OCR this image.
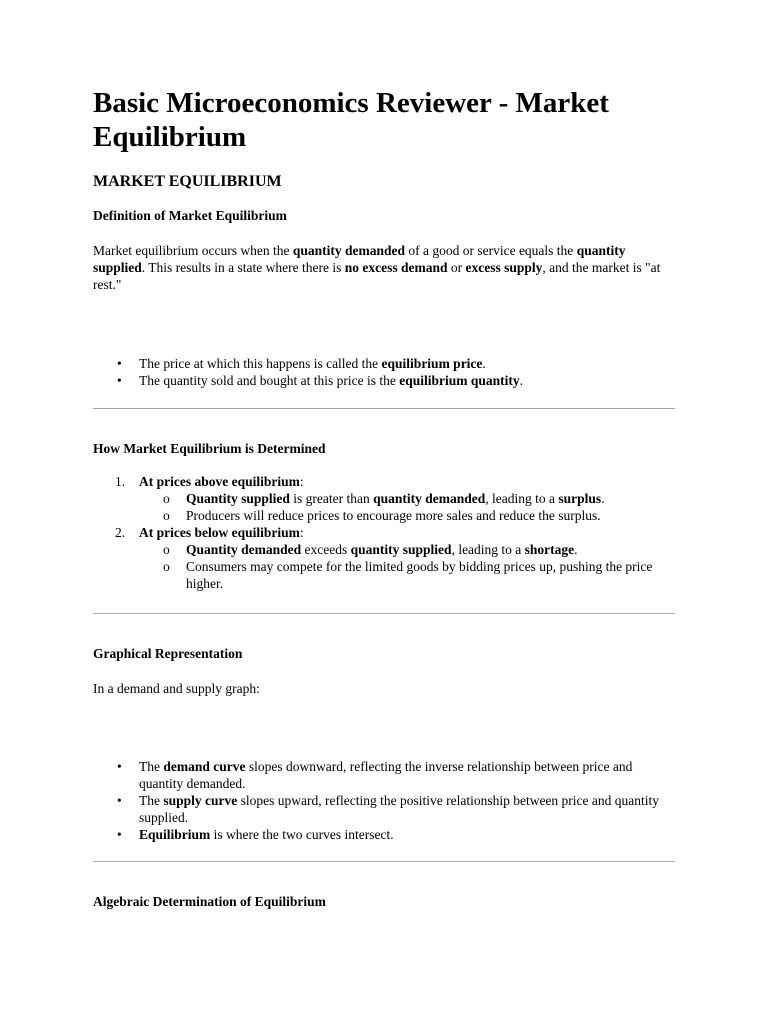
Basic Microeconomics Reviewer - Market Equilibrium
MARKET EQUILIBRIUM
Definition of Market Equilibrium

Market equilibrium occurs when the quantity demanded of a good or service equals the quantity supplied. This results in a state where there is no excess demand or excess supply, and the market is "at rest."

• The price at which this happens is called the equilibrium price.
• The quantity sold and bought at this price is the equilibrium quantity.
How Market Equilibrium is Determined
1. At prices above equilibrium:
o Quantity supplied is greater than quantity demanded, leading to a surplus.
o Producers will reduce prices to encourage more sales and reduce the surplus.
2. At prices below equilibrium:
o Quantity demanded exceeds quantity supplied, leading to a shortage.
o Consumers may compete for the limited goods by bidding prices up, pushing the price higher.
Graphical Representation

In a demand and supply graph:

• The demand curve slopes downward, reflecting the inverse relationship between price and quantity demanded.
• The supply curve slopes upward, reflecting the positive relationship between price and quantity supplied.
• Equilibrium is where the two curves intersect.
Algebraic Determination of Equilibrium
